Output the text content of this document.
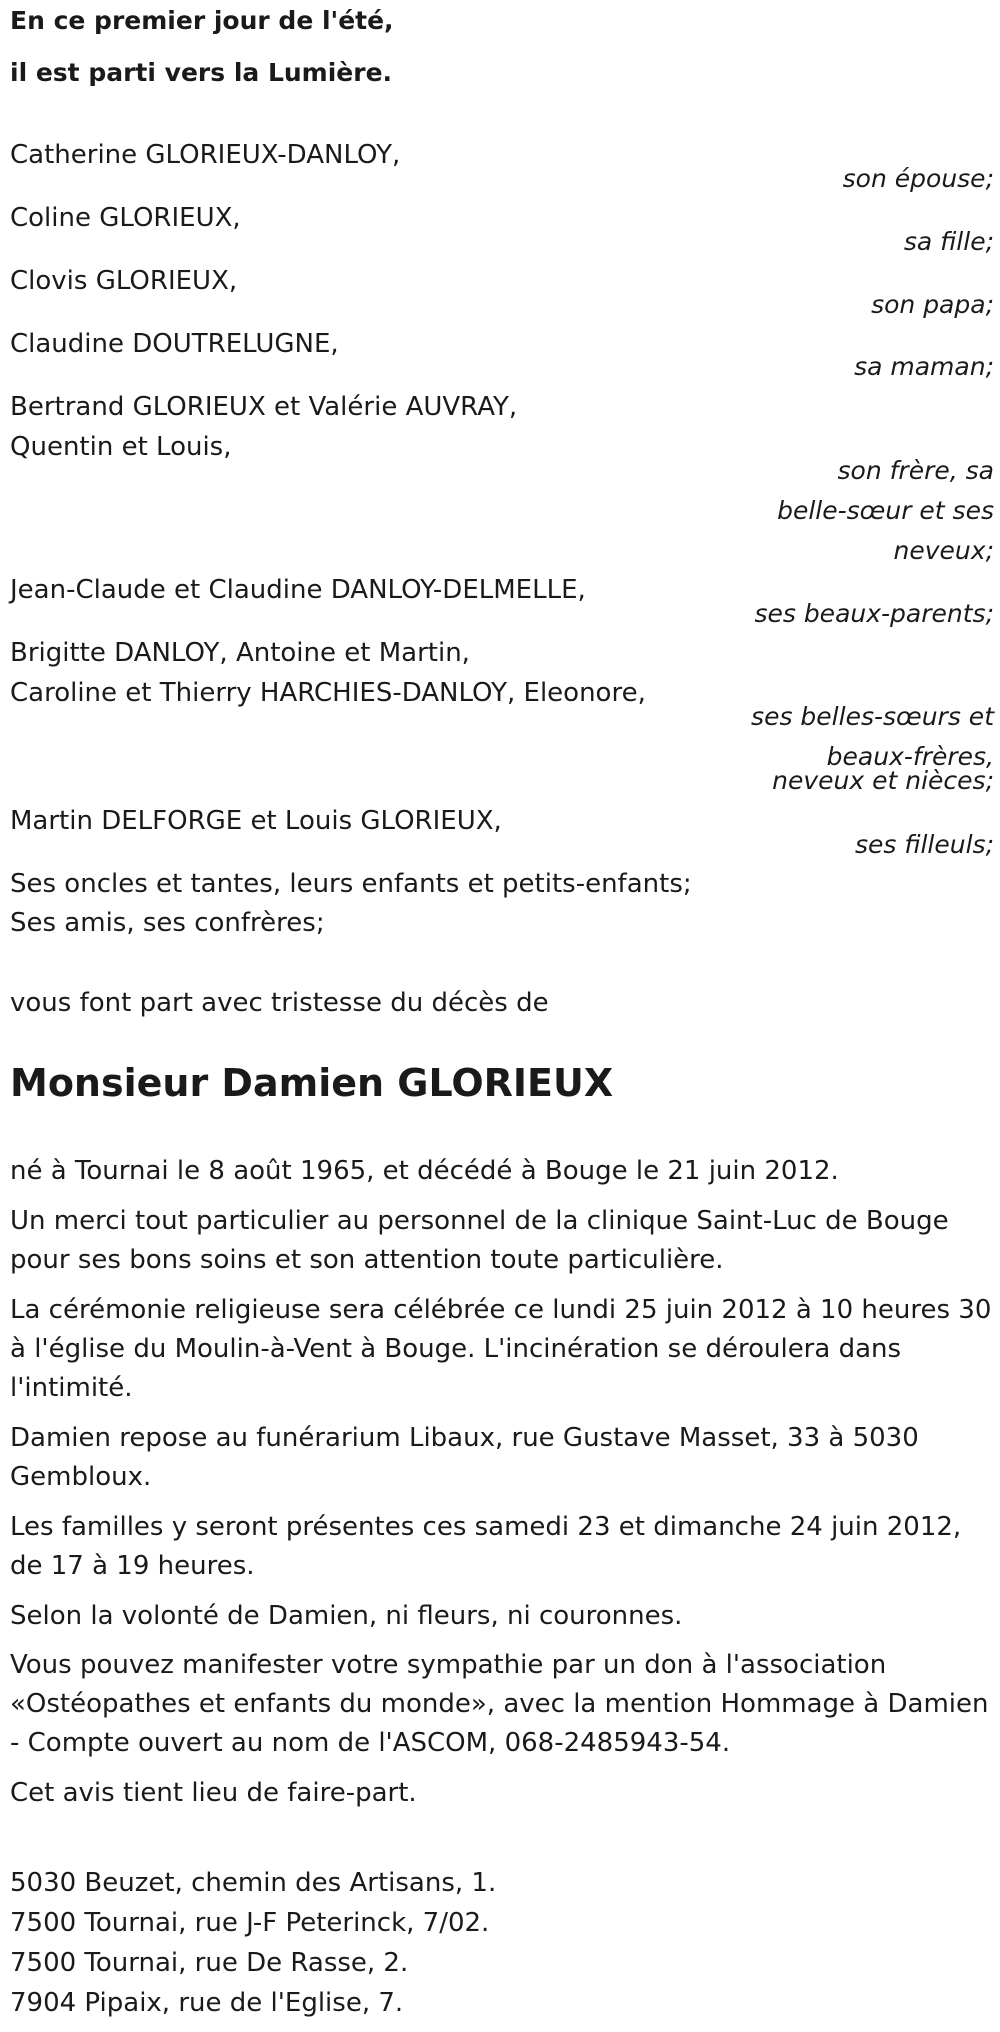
En ce premier jour de l'été,
il est parti vers la Lumière.
Catherine GLORIEUX-DANLOY,
son épouse;
Coline GLORIEUX,
sa fille;
Clovis GLORIEUX,
son papa;
Claudine DOUTRELUGNE,
sa maman;
Bertrand GLORIEUX et Valérie AUVRAY,
Quentin et Louis,
son frère, sa
belle-sœur et ses
neveux;
Jean-Claude et Claudine DANLOY-DELMELLE,
ses beaux-parents;
Brigitte DANLOY, Antoine et Martin,
Caroline et Thierry HARCHIES-DANLOY, Eleonore,
ses belles-sœurs et
beaux-frères,
neveux et nièces;
Martin DELFORGE et Louis GLORIEUX,
ses filleuls;
Ses oncles et tantes, leurs enfants et petits-enfants;
Ses amis, ses confrères;
vous font part avec tristesse du décès de
Monsieur Damien GLORIEUX
né à Tournai le 8 août 1965, et décédé à Bouge le 21 juin 2012.
Un merci tout particulier au personnel de la clinique Saint-Luc de Bouge pour ses bons soins et son attention toute particulière.
La cérémonie religieuse sera célébrée ce lundi 25 juin 2012 à 10 heures 30 à l'église du Moulin-à-Vent à Bouge. L'incinération se déroulera dans l'intimité.
Damien repose au funérarium Libaux, rue Gustave Masset, 33 à 5030 Gembloux.
Les familles y seront présentes ces samedi 23 et dimanche 24 juin 2012, de 17 à 19 heures.
Selon la volonté de Damien, ni fleurs, ni couronnes.
Vous pouvez manifester votre sympathie par un don à l'association «Ostéopathes et enfants du monde», avec la mention Hommage à Damien - Compte ouvert au nom de l'ASCOM, 068-2485943-54.
Cet avis tient lieu de faire-part.
5030 Beuzet, chemin des Artisans, 1.
7500 Tournai, rue J-F Peterinck, 7/02.
7500 Tournai, rue De Rasse, 2.
7904 Pipaix, rue de l'Eglise, 7.
